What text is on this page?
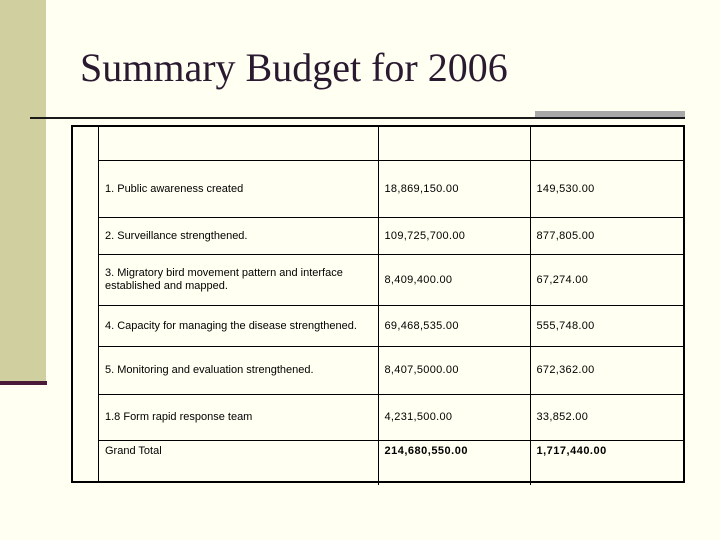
Summary Budget for 2006

1. Public awareness created	18,869,150.00	149,530.00
2. Surveillance strengthened.	109,725,700.00	877,805.00
3. Migratory bird movement pattern and interface established and mapped.	8,409,400.00	67,274.00
4. Capacity for managing the disease strengthened.	69,468,535.00	555,748.00
5. Monitoring and evaluation strengthened.	8,407,5000.00	672,362.00
1.8 Form rapid response team	4,231,500.00	33,852.00
Grand Total	214,680,550.00	1,717,440.00
